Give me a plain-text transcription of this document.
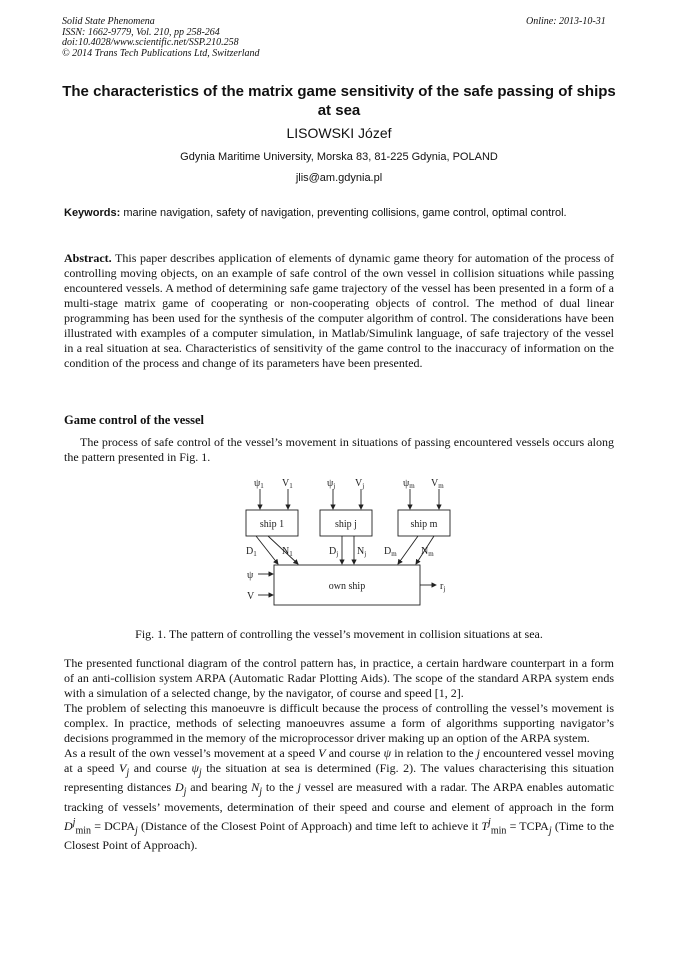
Solid State Phenomena
ISSN: 1662-9779, Vol. 210, pp 258-264
doi:10.4028/www.scientific.net/SSP.210.258
© 2014 Trans Tech Publications Ltd, Switzerland
Online: 2013-10-31
The characteristics of the matrix game sensitivity of the safe passing of ships at sea
LISOWSKI Józef
Gdynia Maritime University, Morska 83, 81-225 Gdynia, POLAND
jlis@am.gdynia.pl
Keywords: marine navigation, safety of navigation, preventing collisions, game control, optimal control.
Abstract. This paper describes application of elements of dynamic game theory for automation of the process of controlling moving objects, on an example of safe control of the own vessel in collision situations while passing encountered vessels. A method of determining safe game trajectory of the vessel has been presented in a form of a multi-stage matrix game of cooperating or non-cooperating objects of control. The method of dual linear programming has been used for the synthesis of the computer algorithm of control. The considerations have been illustrated with examples of a computer simulation, in Matlab/Simulink language, of safe trajectory of the vessel in a real situation at sea. Characteristics of sensitivity of the game control to the inaccuracy of information on the condition of the process and change of its parameters have been presented.
Game control of the vessel
The process of safe control of the vessel’s movement in situations of passing encountered vessels occurs along the pattern presented in Fig. 1.
$\psi_1$ $V_1$	$\psi_j$ $V_j$	$\psi_m$ $V_m$
ship 1	ship j	ship m
own ship
$D_1$	$N_1$	$D_j$ $N_j$ $D_m$ $N_m$
ψ
V
$r_j$
Fig. 1. The pattern of controlling the vessel’s movement in collision situations at sea.

The presented functional diagram of the control pattern has, in practice, a certain hardware counterpart in a form of an anti-collision system ARPA (Automatic Radar Plotting Aids). The scope of the standard ARPA system ends with a simulation of a selected change, by the navigator, of course and speed [1, 2].

The problem of selecting this manoeuvre is difficult because the process of controlling the vessel’s movement is complex. In practice, methods of selecting manoeuvres assume a form of algorithms supporting navigator’s decisions programmed in the memory of the microprocessor driver making up an option of the ARPA system.

As a result of the own vessel’s movement at a speed V and course ψ in relation to the j encountered vessel moving at a speed $V_j$ and course $\psi_j$ the situation at sea is determined (Fig. 2). The values characterising this situation representing distances $D_j$ and bearing $N_j$ to the j vessel are measured with a radar. The ARPA enables automatic tracking of vessels’ movements, determination of their speed and course and element of approach in the form $D^j_{min}$ = $DCPA_j$ (Distance of the Closest Point of Approach) and time left to achieve it $T^j_{min}$ = $TCPA_j$ (Time to the Closest Point of Approach).
